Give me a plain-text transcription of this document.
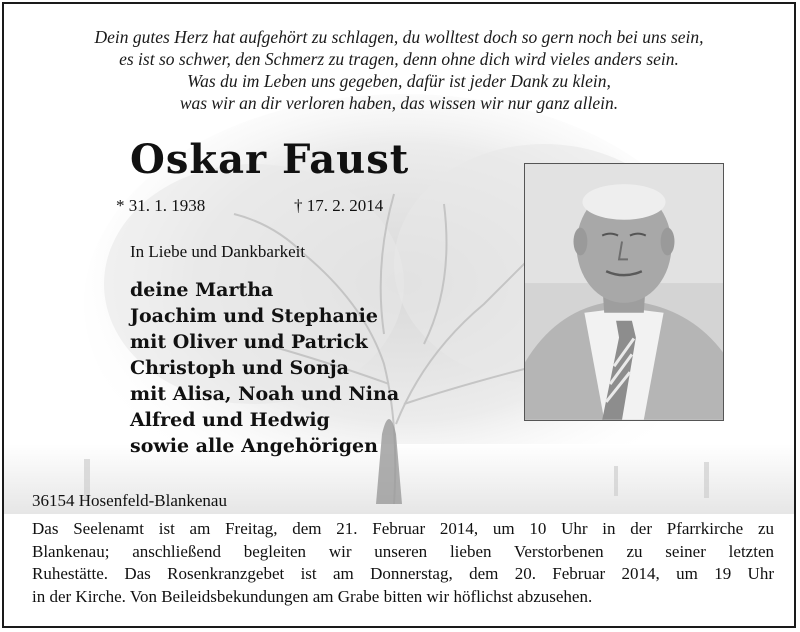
Dein gutes Herz hat aufgehört zu schlagen, du wolltest doch so gern noch bei uns sein,
es ist so schwer, den Schmerz zu tragen, denn ohne dich wird vieles anders sein.
Was du im Leben uns gegeben, dafür ist jeder Dank zu klein,
was wir an dir verloren haben, das wissen wir nur ganz allein.
Oskar Faust
* 31. 1. 1938	† 17. 2. 2014
In Liebe und Dankbarkeit
deine Martha
Joachim und Stephanie
mit Oliver und Patrick
Christoph und Sonja
mit Alisa, Noah und Nina
Alfred und Hedwig
sowie alle Angehörigen
36154 Hosenfeld-Blankenau
Das Seelenamt ist am Freitag, dem 21. Februar 2014, um 10 Uhr in der Pfarrkirche zu
Blankenau; anschließend begleiten wir unseren lieben Verstorbenen zu seiner letzten
Ruhestätte. Das Rosenkranzgebet ist am Donnerstag, dem 20. Februar 2014, um 19 Uhr
in der Kirche. Von Beileidsbekundungen am Grabe bitten wir höflichst abzusehen.
